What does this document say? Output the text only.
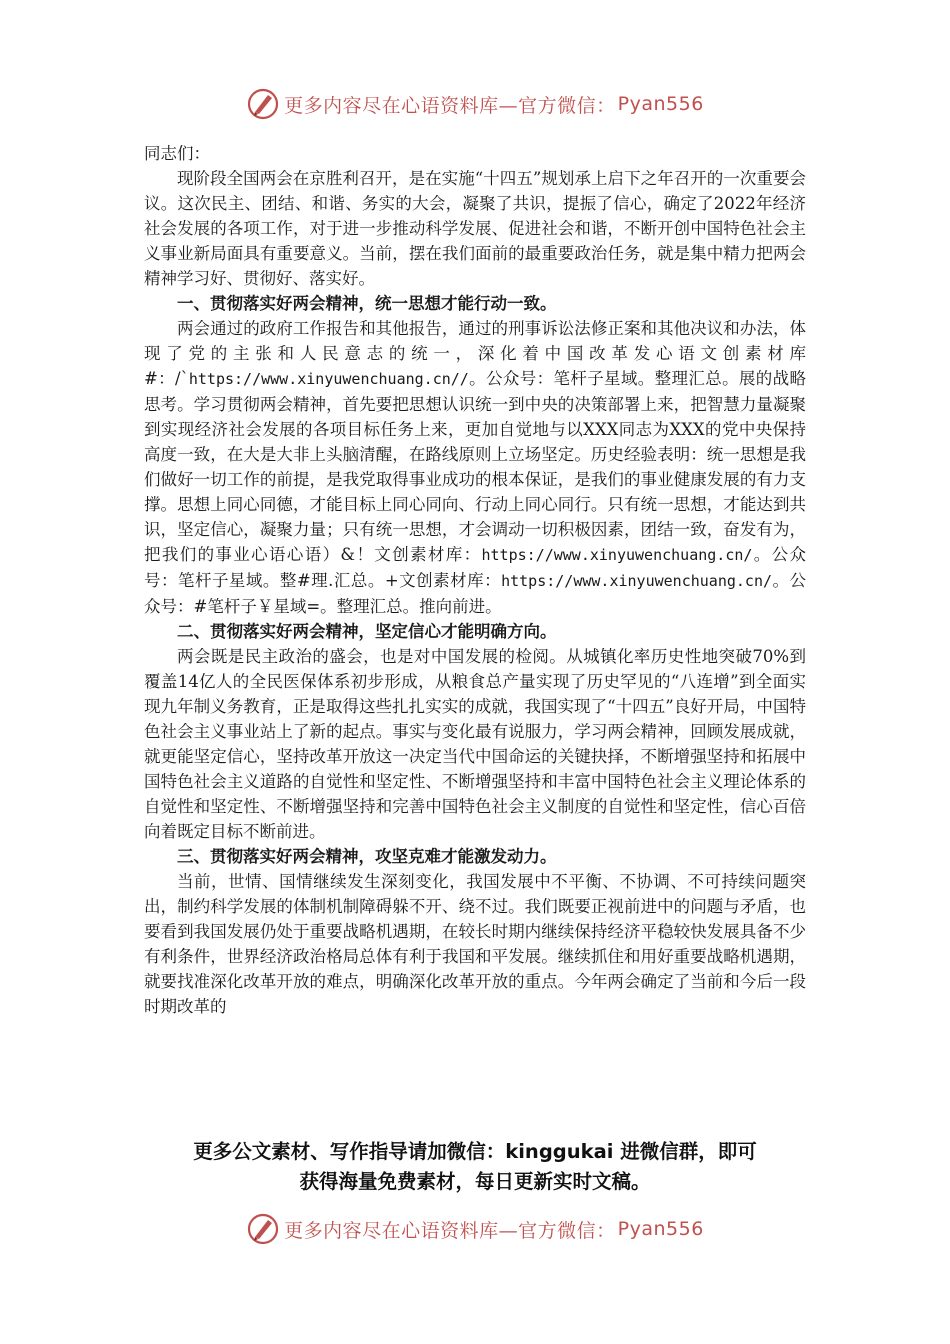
更多内容尽在心语资料库—官方微信： Pyan556

同志们：

现阶段全国两会在京胜利召开，是在实施“十四五”规划承上启下之年召开的一次重要会议。这次民主、团结、和谐、务实的大会，凝聚了共识，提振了信心，确定了2022年经济社会发展的各项工作，对于进一步推动科学发展、促进社会和谐，不断开创中国特色社会主义事业新局面具有重要意义。当前，摆在我们面前的最重要政治任务，就是集中精力把两会精神学习好、贯彻好、落实好。

一、贯彻落实好两会精神，统一思想才能行动一致。

两会通过的政府工作报告和其他报告，通过的刑事诉讼法修正案和其他决议和办法，体现了党的主张和人民意志的统一，深化着中国改革发心语文创素材库#：/`https://www.xinyuwenchuang.cn//。公众号：笔杆子星域。整理汇总。展的战略思考。学习贯彻两会精神，首先要把思想认识统一到中央的决策部署上来，把智慧力量凝聚到实现经济社会发展的各项目标任务上来，更加自觉地与以XXX同志为XXX的党中央保持高度一致，在大是大非上头脑清醒，在路线原则上立场坚定。历史经验表明：统一思想是我们做好一切工作的前提，是我党取得事业成功的根本保证，是我们的事业健康发展的有力支撑。思想上同心同德，才能目标上同心同向、行动上同心同行。只有统一思想，才能达到共识，坚定信心，凝聚力量；只有统一思想，才会调动一切积极因素，团结一致，奋发有为，把我们的事业心语心语）&！文创素材库：https://www.xinyuwenchuang.cn/。公众号：笔杆子星域。整#理.汇总。+文创素材库：https://www.xinyuwenchuang.cn/。公众号：#笔杆子￥星域=。整理汇总。推向前进。

二、贯彻落实好两会精神，坚定信心才能明确方向。

两会既是民主政治的盛会，也是对中国发展的检阅。从城镇化率历史性地突破70%到覆盖14亿人的全民医保体系初步形成，从粮食总产量实现了历史罕见的“八连增”到全面实现九年制义务教育，正是取得这些扎扎实实的成就，我国实现了“十四五”良好开局，中国特色社会主义事业站上了新的起点。事实与变化最有说服力，学习两会精神，回顾发展成就，就更能坚定信心，坚持改革开放这一决定当代中国命运的关键抉择，不断增强坚持和拓展中国特色社会主义道路的自觉性和坚定性、不断增强坚持和丰富中国特色社会主义理论体系的自觉性和坚定性、不断增强坚持和完善中国特色社会主义制度的自觉性和坚定性，信心百倍向着既定目标不断前进。

三、贯彻落实好两会精神，攻坚克难才能激发动力。

当前，世情、国情继续发生深刻变化，我国发展中不平衡、不协调、不可持续问题突出，制约科学发展的体制机制障碍躲不开、绕不过。我们既要正视前进中的问题与矛盾，也要看到我国发展仍处于重要战略机遇期，在较长时期内继续保持经济平稳较快发展具备不少有利条件，世界经济政治格局总体有利于我国和平发展。继续抓住和用好重要战略机遇期，就要找准深化改革开放的难点，明确深化改革开放的重点。今年两会确定了当前和今后一段时期改革的

更多公文素材、写作指导请加微信：kinggukai 进微信群，即可
获得海量免费素材，每日更新实时文稿。
更多内容尽在心语资料库—官方微信： Pyan556
